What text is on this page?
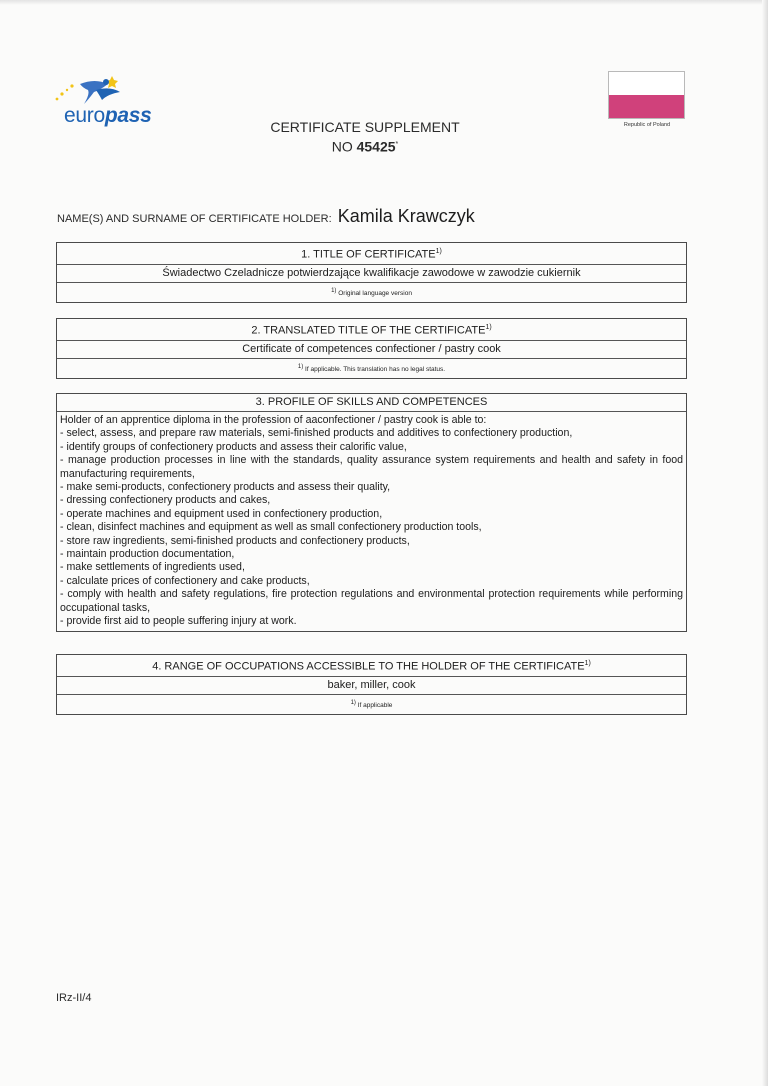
europass	Republic of Poland
CERTIFICATE SUPPLEMENT
NO 45425*
NAME(S) AND SURNAME OF CERTIFICATE HOLDER: Kamila Krawczyk
1. TITLE OF CERTIFICATE$^{1)}$
Świadectwo Czeladnicze potwierdzające kwalifikacje zawodowe w zawodzie cukiernik
1) Original language version
2. TRANSLATED TITLE OF THE CERTIFICATE$^{1)}$
Certificate of competences confectioner / pastry cook
1) If applicable. This translation has no legal status.
3. PROFILE OF SKILLS AND COMPETENCES
Holder of an apprentice diploma in the profession of aaconfectioner / pastry cook is able to:
- select, assess, and prepare raw materials, semi-finished products and additives to confectionery production,
- identify groups of confectionery products and assess their calorific value,
- manage production processes in line with the standards, quality assurance system requirements and health and safety in food manufacturing requirements,
- make semi-products, confectionery products and assess their quality,
- dressing confectionery products and cakes,
- operate machines and equipment used in confectionery production,
- clean, disinfect machines and equipment as well as small confectionery production tools,
- store raw ingredients, semi-finished products and confectionery products,
- maintain production documentation,
- make settlements of ingredients used,
- calculate prices of confectionery and cake products,
- comply with health and safety regulations, fire protection regulations and environmental protection requirements while performing occupational tasks,
- provide first aid to people suffering injury at work.
4. RANGE OF OCCUPATIONS ACCESSIBLE TO THE HOLDER OF THE CERTIFICATE$^{1)}$
baker, miller, cook
1) If applicable
IRz-II/4
